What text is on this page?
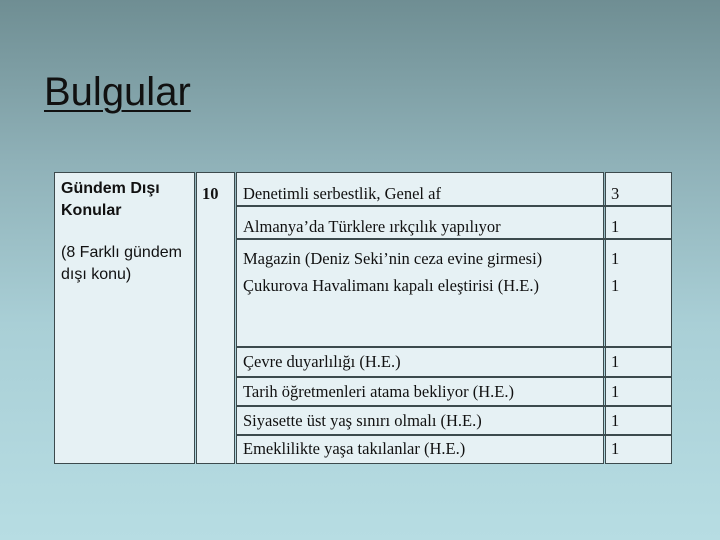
Bulgular
Gündem Dışı Konular
(8 Farklı gündem dışı konu)
10 Denetimli serbestlik, Genel af	3
Almanya’da Türklere ırkçılık yapılıyor	1
Magazin (Deniz Seki’nin ceza evine girmesi)	1
Çukurova Havalimanı kapalı eleştirisi (H.E.)	1
Çevre duyarlılığı (H.E.)	1
Tarih öğretmenleri atama bekliyor (H.E.)	1
Siyasette üst yaş sınırı olmalı (H.E.)	1
Emeklilikte yaşa takılanlar (H.E.)	1
